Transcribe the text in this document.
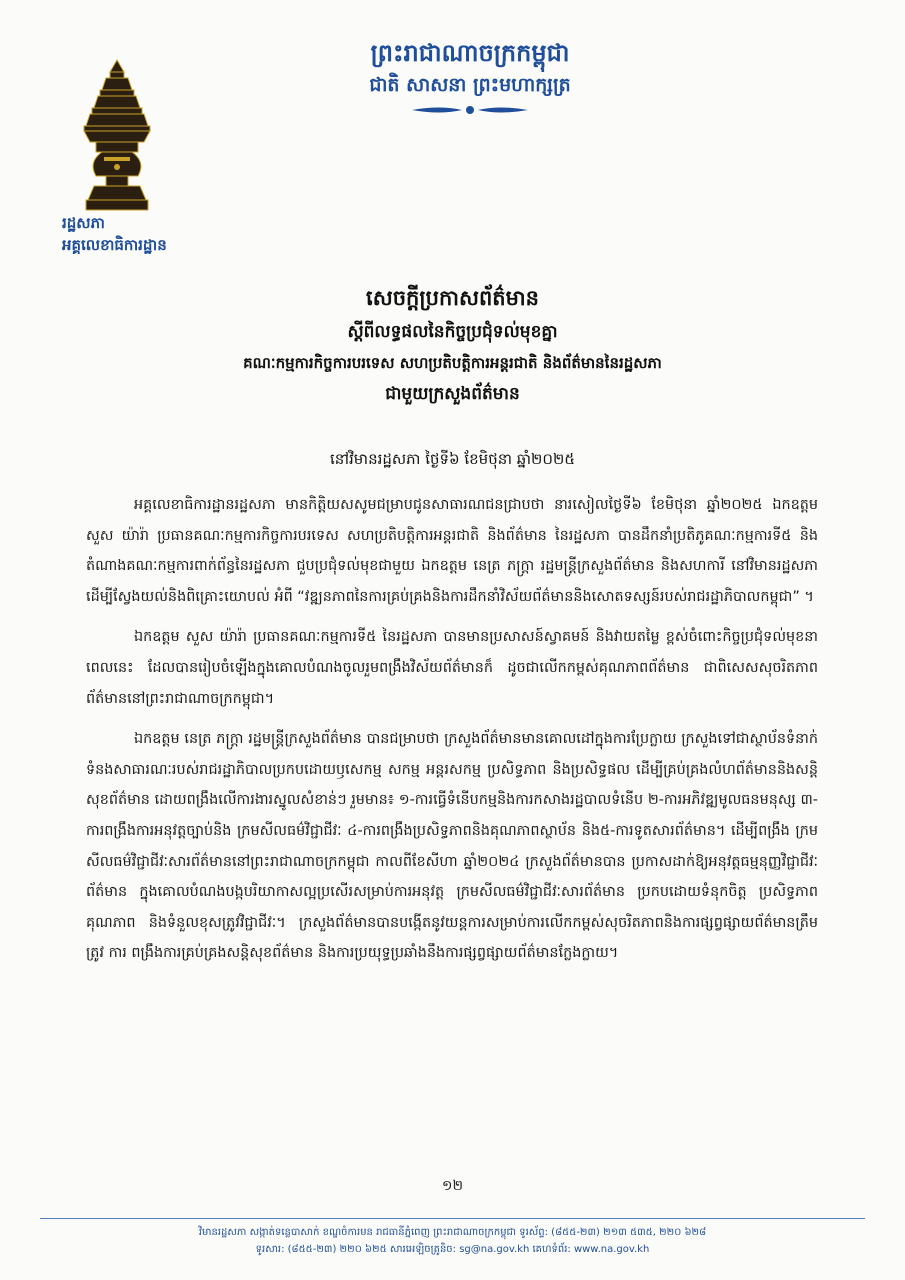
រដ្ឋសភា
អគ្គលេខាធិការដ្ឋាន
ព្រះរាជាណាចក្រកម្ពុជា
ជាតិ សាសនា ព្រះមហាក្សត្រ
សេចក្ដីប្រកាសព័ត៌មាន
ស្ដីពីលទ្ធផលនៃកិច្ចប្រជុំទល់មុខគ្នា
គណៈកម្មការកិច្ចការបរទេស សហប្រតិបត្តិការអន្តរជាតិ និងព័ត៌មាននៃរដ្ឋសភា
ជាមួយក្រសួងព័ត៌មាន
នៅវិមានរដ្ឋសភា ថ្ងៃទី៦ ខែមិថុនា ឆ្នាំ២០២៥

អគ្គលេខាធិការដ្ឋានរដ្ឋសភា មានកិត្តិយសសូមជម្រាបជូនសាធារណជនជ្រាបថា នារសៀលថ្ងៃទី៦ ខែមិថុនា ឆ្នាំ២០២៥ ឯកឧត្តម សួស យ៉ារ៉ា ប្រធានគណៈកម្មការកិច្ចការបរទេស សហប្រតិបត្តិការអន្តរជាតិ និងព័ត៌មាន នៃរដ្ឋសភា បានដឹកនាំប្រតិភូគណៈកម្មការទី៥ និងតំណាងគណៈកម្មការពាក់ព័ន្ធនៃរដ្ឋសភា ជួបប្រជុំទល់មុខជាមួយ ឯកឧត្តម នេត្រ ភក្ត្រា រដ្ឋមន្ត្រីក្រសួងព័ត៌មាន និងសហការី នៅវិមានរដ្ឋសភា ដើម្បីស្វែងយល់និងពិគ្រោះយោបល់ អំពី “វឌ្ឍនភាពនៃការគ្រប់គ្រងនិងការដឹកនាំវិស័យព័ត៌មាននិងសោតទស្សន៍របស់រាជរដ្ឋាភិបាលកម្ពុជា” ។

ឯកឧត្តម សួស យ៉ារ៉ា ប្រធានគណៈកម្មការទី៥ នៃរដ្ឋសភា បានមានប្រសាសន៍ស្វាគមន៍ និងវាយតម្លៃ ខ្ពស់ចំពោះកិច្ចប្រជុំទល់មុខនាពេលនេះ ដែលបានរៀបចំឡើងក្នុងគោលបំណងចូលរួមពង្រឹងវិស័យព័ត៌មានក៏ ដូចជាលើកកម្ពស់គុណភាពព័ត៌មាន ជាពិសេសសុចរិតភាពព័ត៌មាននៅព្រះរាជាណាចក្រកម្ពុជា។

ឯកឧត្តម នេត្រ ភក្ត្រា រដ្ឋមន្ត្រីក្រសួងព័ត៌មាន បានជម្រាបថា ក្រសួងព័ត៌មានមានគោលដៅក្នុងការប្រែក្លាយ ក្រសួងទៅជាស្ថាប័នទំនាក់ទំនងសាធារណៈរបស់រាជរដ្ឋាភិបាលប្រកបដោយឫសេកម្ម សកម្ម អន្តរសកម្ម ប្រសិទ្ធភាព និងប្រសិទ្ធផល ដើម្បីគ្រប់គ្រងលំហព័ត៌មាននិងសន្តិសុខព័ត៌មាន ដោយពង្រឹងលើការងារស្នូលសំខាន់ៗ រួមមាន៖ ១-ការធ្វើទំនើបកម្មនិងការកសាងរដ្ឋបាលទំនើប ២-ការអភិវឌ្ឍមូលធនមនុស្ស ៣-ការពង្រឹងការអនុវត្តច្បាប់និង ក្រមសីលធម៌វិជ្ជាជីវៈ ៤-ការពង្រឹងប្រសិទ្ធភាពនិងគុណភាពស្ថាប័ន និង៥-ការទូតសារព័ត៌មាន។ ដើម្បីពង្រឹង ក្រមសីលធម៌វិជ្ជាជីវៈសារព័ត៌មាននៅព្រះរាជាណាចក្រកម្ពុជា កាលពីខែសីហា ឆ្នាំ២០២៤ ក្រសួងព័ត៌មានបាន ប្រកាសដាក់ឱ្យអនុវត្តធម្មនុញ្ញវិជ្ជាជីវៈព័ត៌មាន ក្នុងគោលបំណងបង្កបរិយាកាសល្អប្រសើរសម្រាប់ការអនុវត្ត ក្រមសីលធម៌វិជ្ជាជីវៈសារព័ត៌មាន ប្រកបដោយទំនុកចិត្ត ប្រសិទ្ធភាព គុណភាព និងទំនួលខុសត្រូវវិជ្ជាជីវៈ។ ក្រសួងព័ត៌មានបានបង្កើតនូវយន្តការសម្រាប់ការលើកកម្ពស់សុចរិតភាពនិងការផ្សព្វផ្សាយព័ត៌មានត្រឹមត្រូវ ការ ពង្រឹងការគ្រប់គ្រងសន្តិសុខព័ត៌មាន និងការប្រយុទ្ធប្រឆាំងនឹងការផ្សព្វផ្សាយព័ត៌មានក្លែងក្លាយ។

១២
វិមានរដ្ឋសភា សង្កាត់ទន្លេបាសាក់ ខណ្ឌចំការមន រាជធានីភ្នំពេញ ព្រះរាជាណាចក្រកម្ពុជា ទូរស័ព្ទ: (៨៥៥-២៣) ២១៣ ៥៣៥, ២២០ ៦២៨
ទូរសារ: (៨៥៥-២៣) ២២០ ៦២៥ សារអេឡិចត្រូនិច: sg@na.gov.kh គេហទំព័រ: www.na.gov.kh
